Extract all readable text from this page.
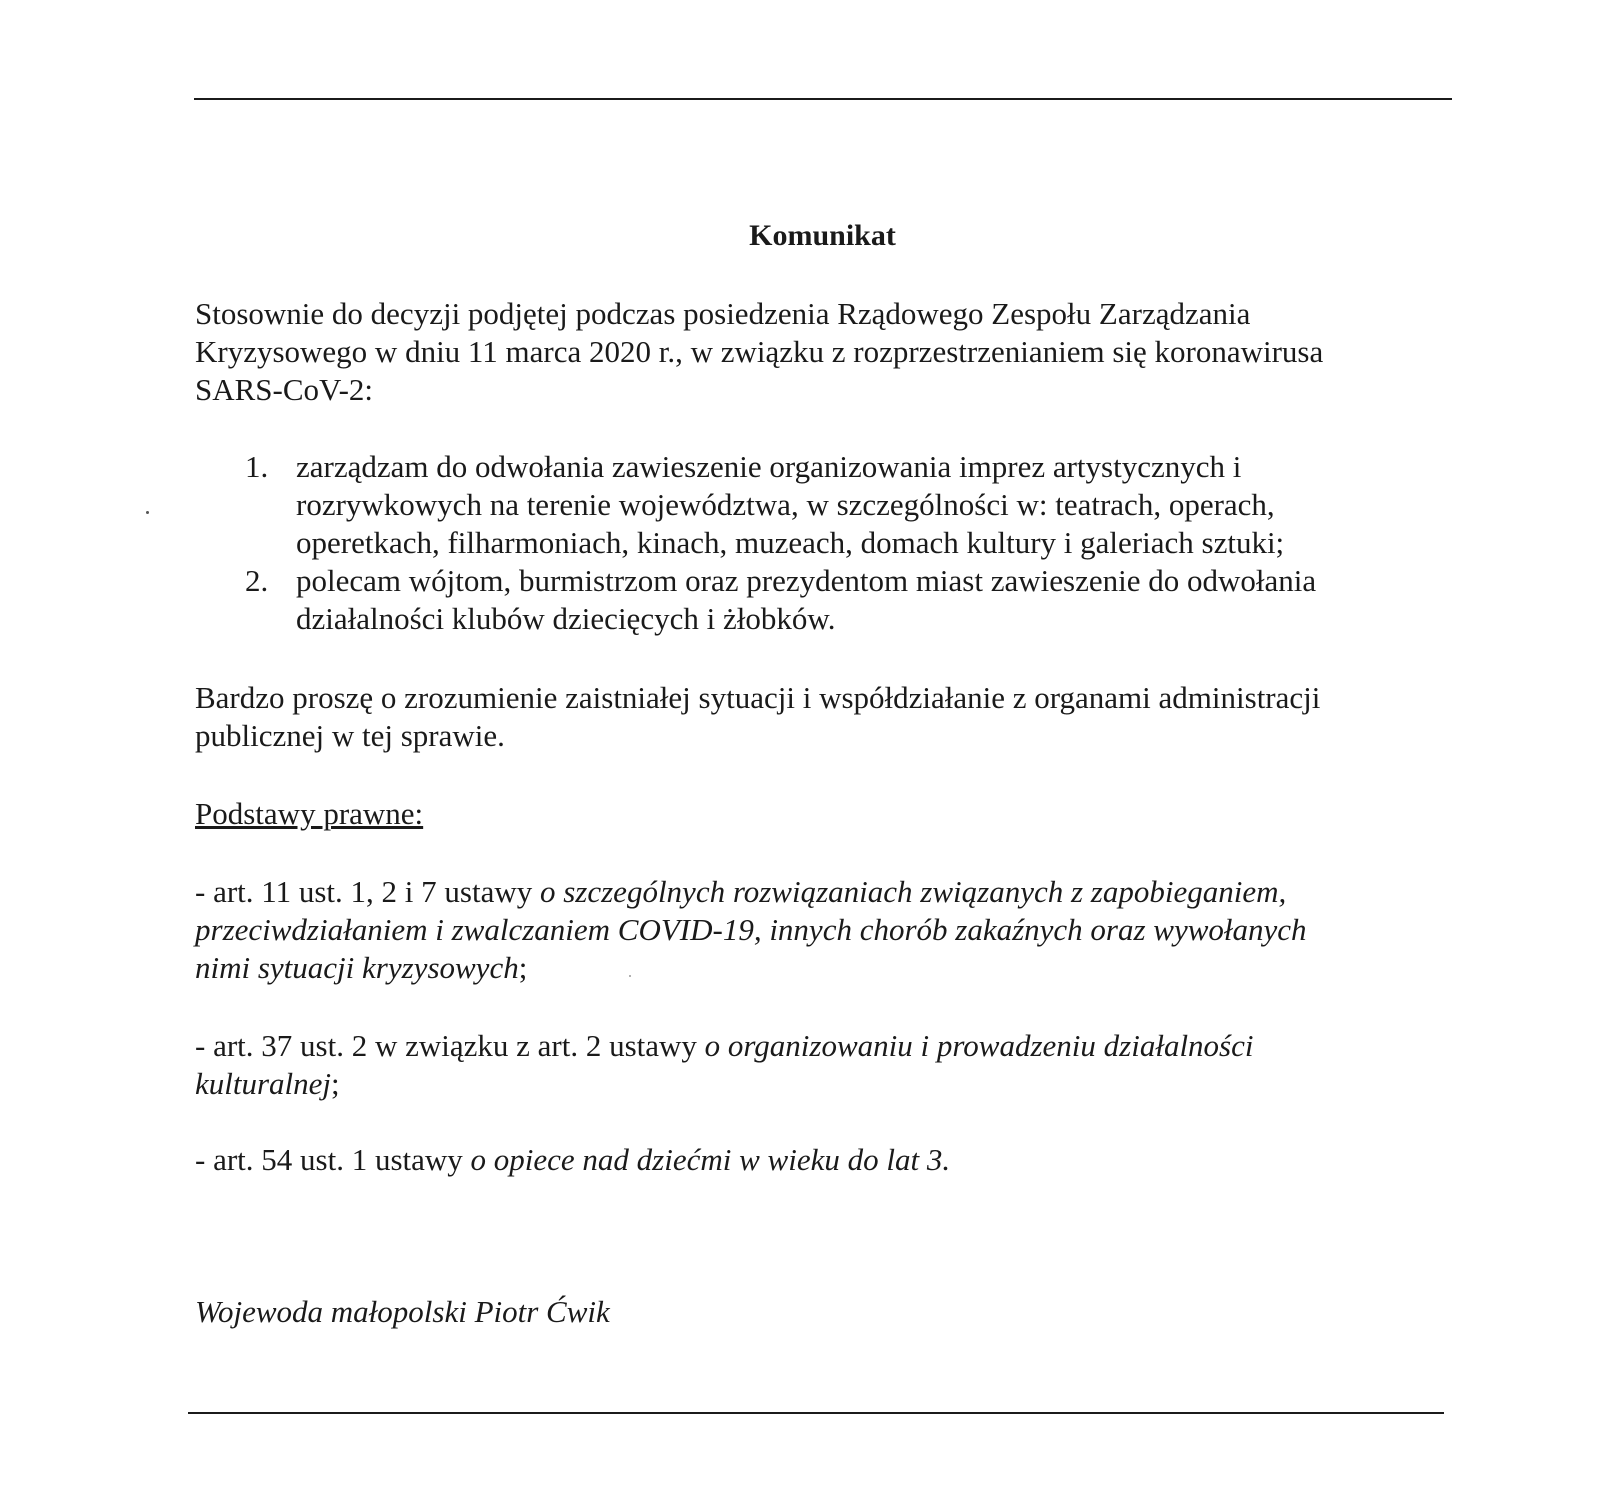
Komunikat
Stosownie do decyzji podjętej podczas posiedzenia Rządowego Zespołu Zarządzania
Kryzysowego w dniu 11 marca 2020 r., w związku z rozprzestrzenianiem się koronawirusa
SARS-CoV-2:
1. zarządzam do odwołania zawieszenie organizowania imprez artystycznych i
rozrywkowych na terenie województwa, w szczególności w: teatrach, operach,
operetkach, filharmoniach, kinach, muzeach, domach kultury i galeriach sztuki;
2. polecam wójtom, burmistrzom oraz prezydentom miast zawieszenie do odwołania
działalności klubów dziecięcych i żłobków.
Bardzo proszę o zrozumienie zaistniałej sytuacji i współdziałanie z organami administracji
publicznej w tej sprawie.
Podstawy prawne:
- art. 11 ust. 1, 2 i 7 ustawy o szczególnych rozwiązaniach związanych z zapobieganiem,
przeciwdziałaniem i zwalczaniem COVID-19, innych chorób zakaźnych oraz wywołanych
nimi sytuacji kryzysowych;
- art. 37 ust. 2 w związku z art. 2 ustawy o organizowaniu i prowadzeniu działalności
kulturalnej;
- art. 54 ust. 1 ustawy o opiece nad dziećmi w wieku do lat 3.
Wojewoda małopolski Piotr Ćwik
